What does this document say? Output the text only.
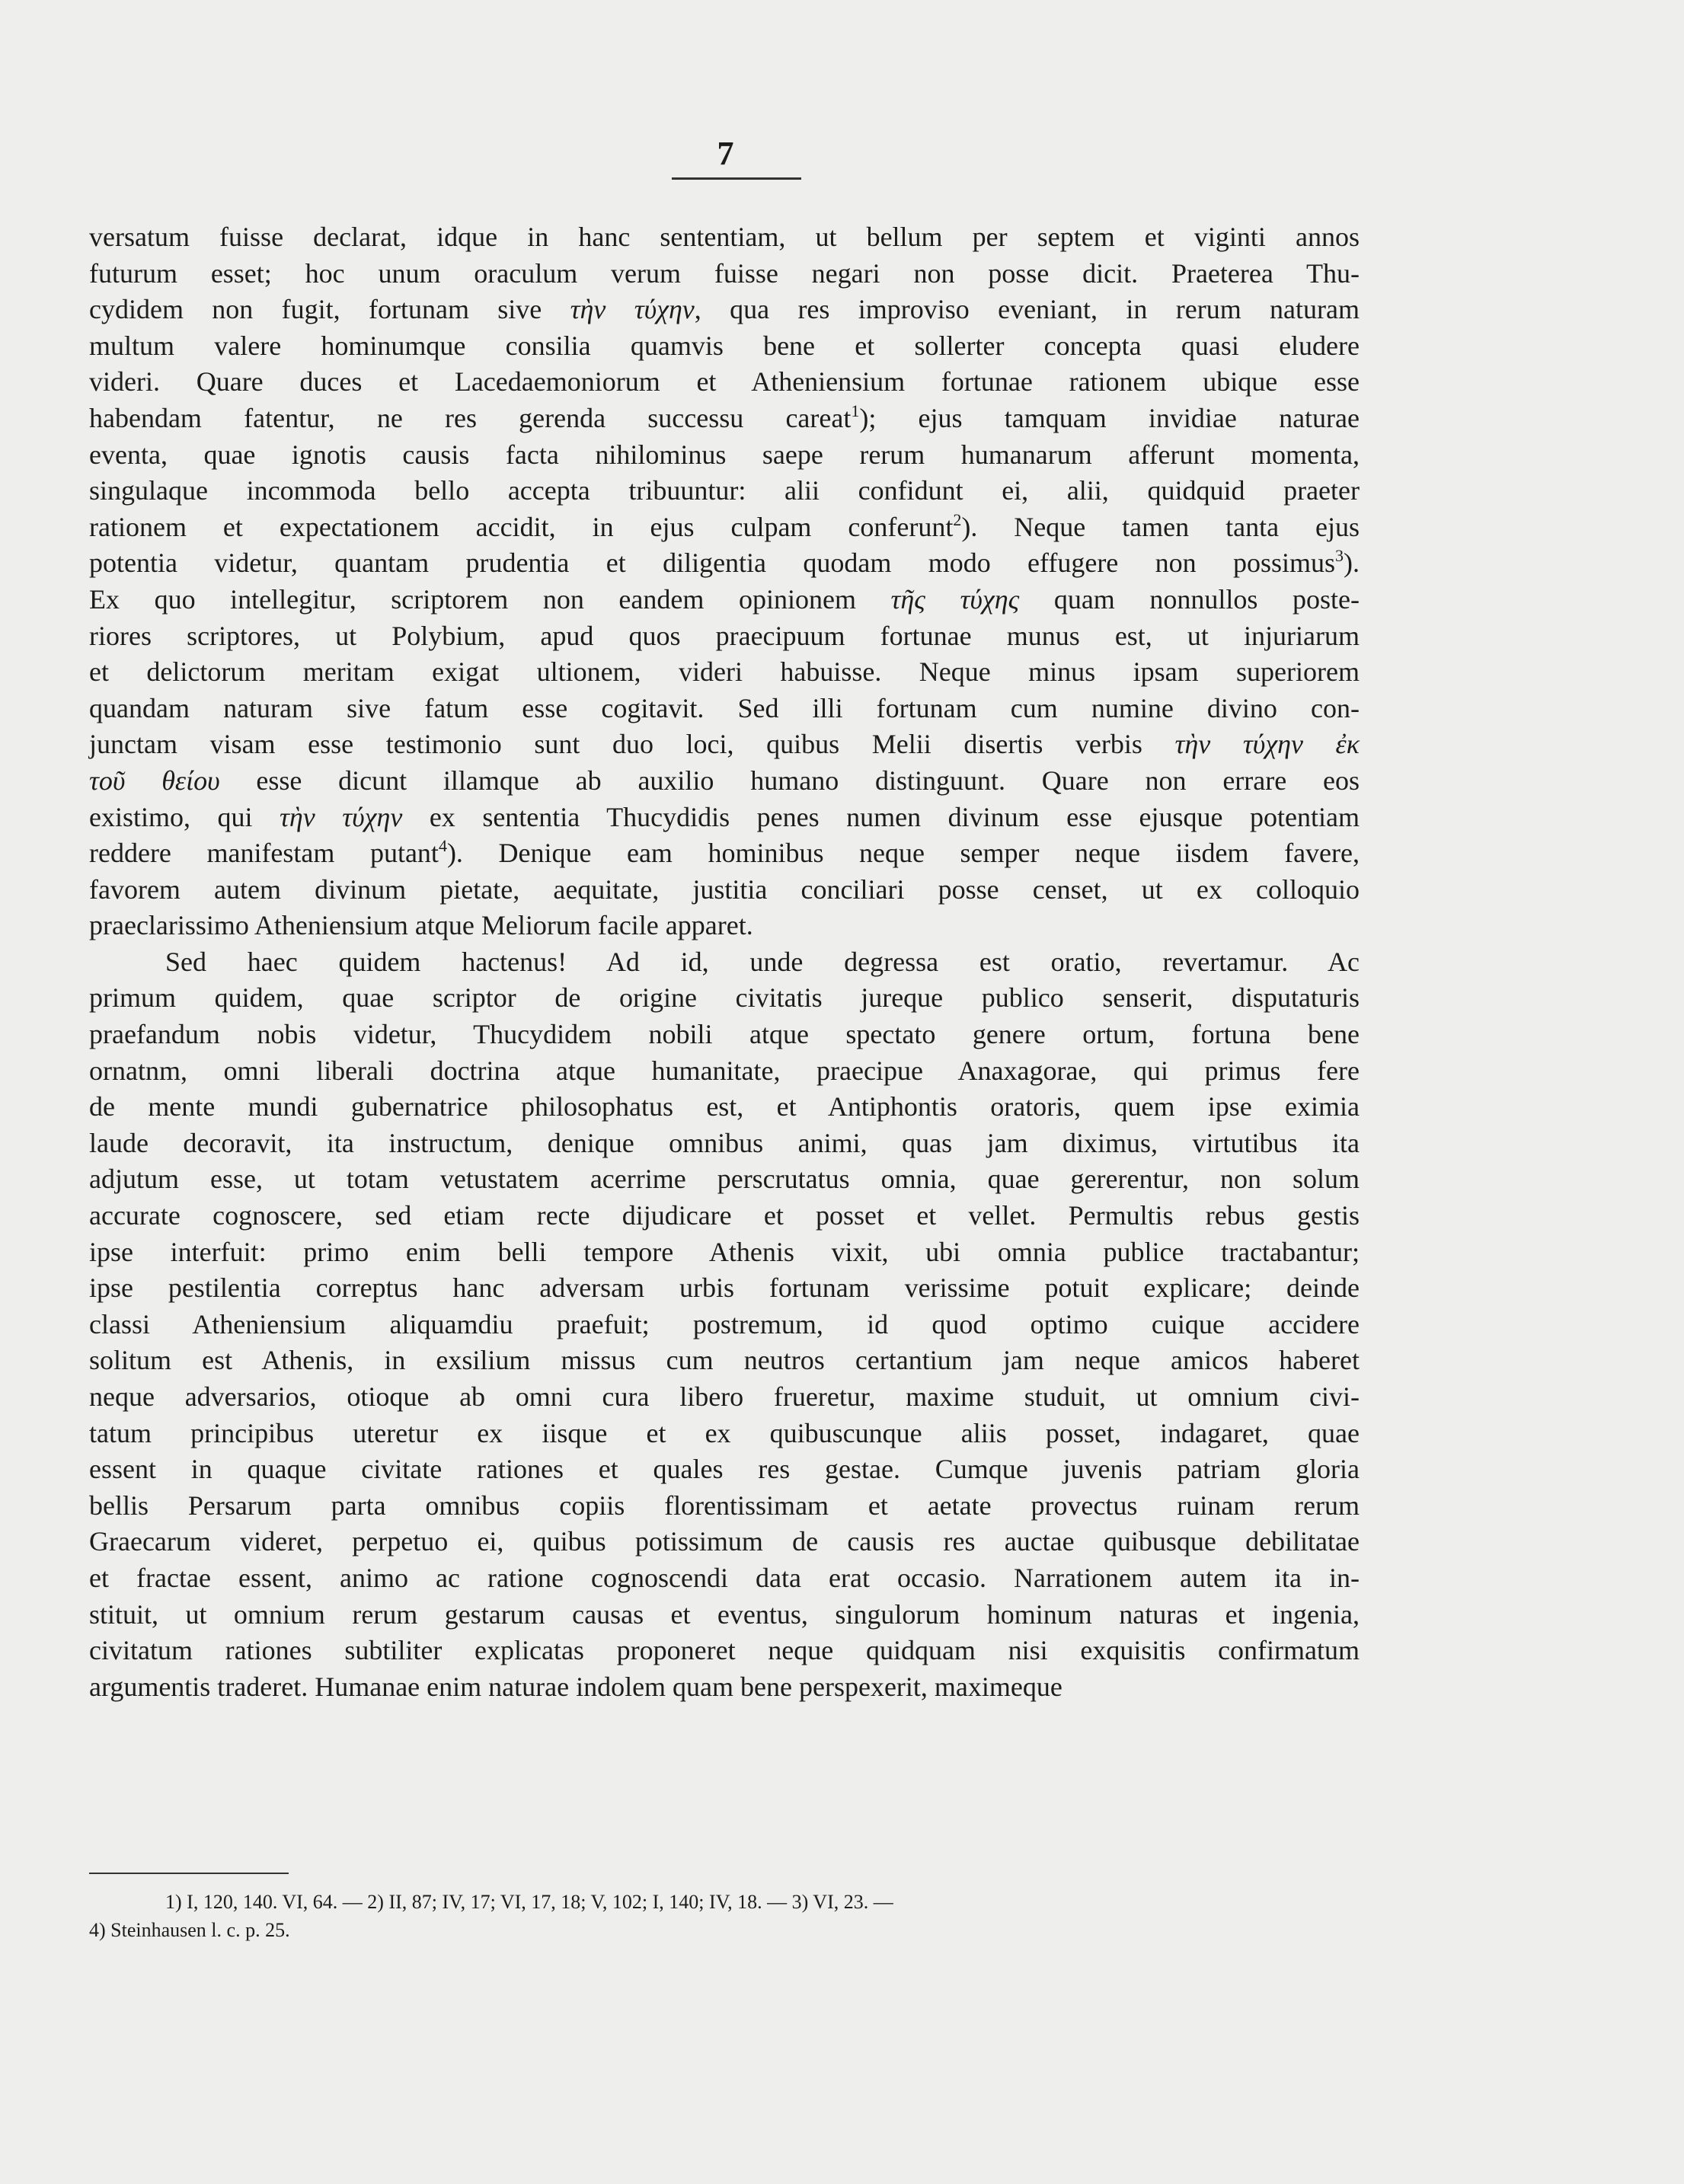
7
versatum fuisse declarat, idque in hanc sententiam, ut bellum per septem et viginti annos
futurum esset; hoc unum oraculum verum fuisse negari non posse dicit. Praeterea Thu-
cydidem non fugit, fortunam sive τὴν τύχην, qua res improviso eveniant, in rerum naturam
multum valere hominumque consilia quamvis bene et sollerter concepta quasi eludere
videri. Quare duces et Lacedaemoniorum et Atheniensium fortunae rationem ubique esse
habendam fatentur, ne res gerenda successu careat$^1$); ejus tamquam invidiae naturae
eventa, quae ignotis causis facta nihilominus saepe rerum humanarum afferunt momenta,
singulaque incommoda bello accepta tribuuntur: alii confidunt ei, alii, quidquid praeter
rationem et expectationem accidit, in ejus culpam conferunt$^2$). Neque tamen tanta ejus
potentia videtur, quantam prudentia et diligentia quodam modo effugere non possimus$^3$).
Ex quo intellegitur, scriptorem non eandem opinionem τῆς τύχης quam nonnullos poste-
riores scriptores, ut Polybium, apud quos praecipuum fortunae munus est, ut injuriarum
et delictorum meritam exigat ultionem, videri habuisse. Neque minus ipsam superiorem
quandam naturam sive fatum esse cogitavit. Sed illi fortunam cum numine divino con-
junctam visam esse testimonio sunt duo loci, quibus Melii disertis verbis τὴν τύχην ἐκ
τοῦ θείου esse dicunt illamque ab auxilio humano distinguunt. Quare non errare eos
existimo, qui τὴν τύχην ex sententia Thucydidis penes numen divinum esse ejusque potentiam
reddere manifestam putant$^4$). Denique eam hominibus neque semper neque iisdem favere,
favorem autem divinum pietate, aequitate, justitia conciliari posse censet, ut ex colloquio
praeclarissimo Atheniensium atque Meliorum facile apparet.
Sed haec quidem hactenus! Ad id, unde degressa est oratio, revertamur. Ac
primum quidem, quae scriptor de origine civitatis jureque publico senserit, disputaturis
praefandum nobis videtur, Thucydidem nobili atque spectato genere ortum, fortuna bene
ornatnm, omni liberali doctrina atque humanitate, praecipue Anaxagorae, qui primus fere
de mente mundi gubernatrice philosophatus est, et Antiphontis oratoris, quem ipse eximia
laude decoravit, ita instructum, denique omnibus animi, quas jam diximus, virtutibus ita
adjutum esse, ut totam vetustatem acerrime perscrutatus omnia, quae gererentur, non solum
accurate cognoscere, sed etiam recte dijudicare et posset et vellet. Permultis rebus gestis
ipse interfuit: primo enim belli tempore Athenis vixit, ubi omnia publice tractabantur;
ipse pestilentia correptus hanc adversam urbis fortunam verissime potuit explicare; deinde
classi Atheniensium aliquamdiu praefuit; postremum, id quod optimo cuique accidere
solitum est Athenis, in exsilium missus cum neutros certantium jam neque amicos haberet
neque adversarios, otioque ab omni cura libero frueretur, maxime studuit, ut omnium civi-
tatum principibus uteretur ex iisque et ex quibuscunque aliis posset, indagaret, quae
essent in quaque civitate rationes et quales res gestae. Cumque juvenis patriam gloria
bellis Persarum parta omnibus copiis florentissimam et aetate provectus ruinam rerum
Graecarum videret, perpetuo ei, quibus potissimum de causis res auctae quibusque debilitatae
et fractae essent, animo ac ratione cognoscendi data erat occasio. Narrationem autem ita in-
stituit, ut omnium rerum gestarum causas et eventus, singulorum hominum naturas et ingenia,
civitatum rationes subtiliter explicatas proponeret neque quidquam nisi exquisitis confirmatum
argumentis traderet. Humanae enim naturae indolem quam bene perspexerit, maximeque
1) I, 120, 140. VI, 64. — 2) II, 87; IV, 17; VI, 17, 18; V, 102; I, 140; IV, 18. — 3) VI, 23. —
4) Steinhausen l. c. p. 25.
